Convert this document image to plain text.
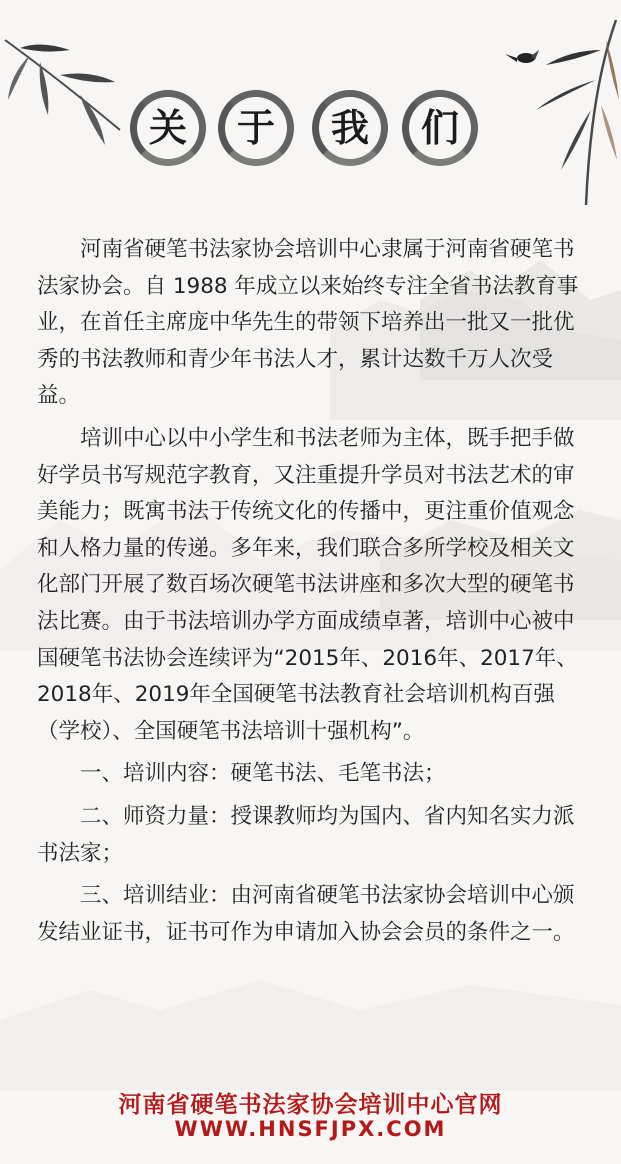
关	于	我	们

河南省硬笔书法家协会培训中心隶属于河南省硬笔书法家协会。自 1988 年成立以来始终专注全省书法教育事业，在首任主席庞中华先生的带领下培养出一批又一批优秀的书法教师和青少年书法人才，累计达数千万人次受益。

培训中心以中小学生和书法老师为主体，既手把手做好学员书写规范字教育，又注重提升学员对书法艺术的审美能力；既寓书法于传统文化的传播中，更注重价值观念和人格力量的传递。多年来，我们联合多所学校及相关文化部门开展了数百场次硬笔书法讲座和多次大型的硬笔书法比赛。由于书法培训办学方面成绩卓著，培训中心被中国硬笔书法协会连续评为“2015年、2016年、2017年、2018年、2019年全国硬笔书法教育社会培训机构百强（学校）、全国硬笔书法培训十强机构”。

一、培训内容：硬笔书法、毛笔书法；

二、师资力量：授课教师均为国内、省内知名实力派书法家；

三、培训结业：由河南省硬笔书法家协会培训中心颁发结业证书，证书可作为申请加入协会会员的条件之一。

河南省硬笔书法家协会培训中心官网
WWW.HNSFJPX.COM
